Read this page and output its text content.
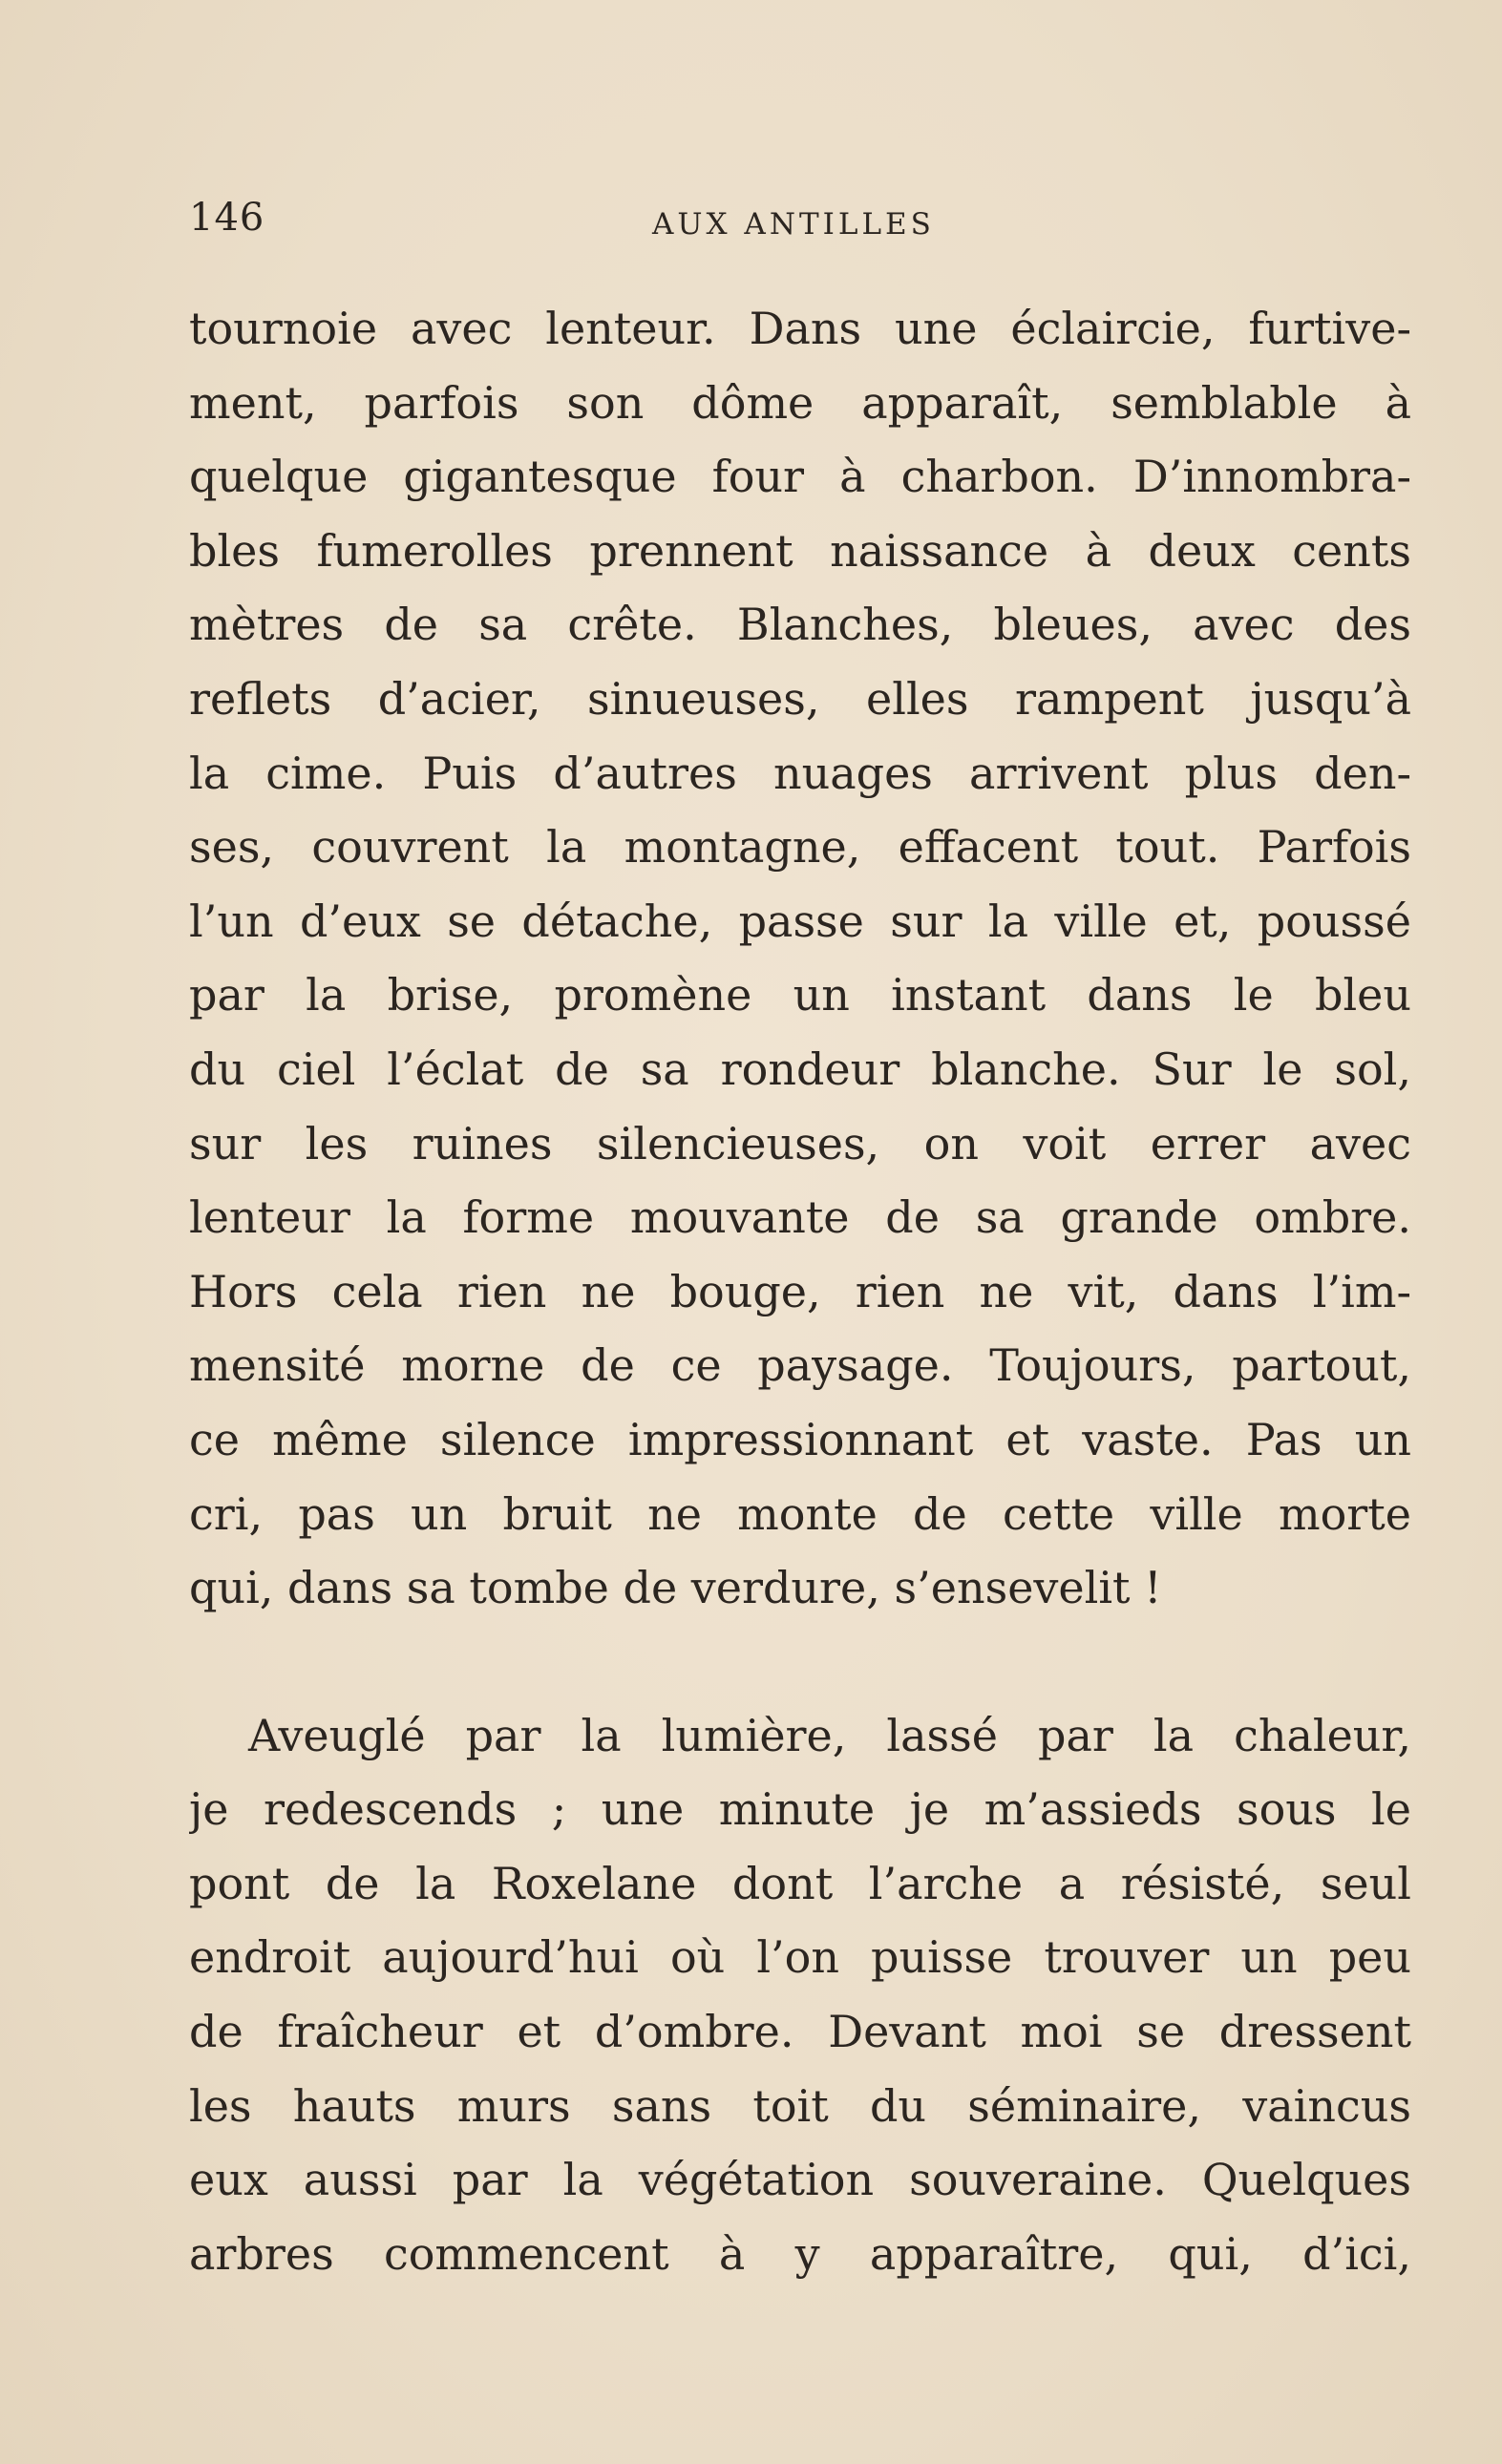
146	AUX ANTILLES
tournoie avec lenteur. Dans une éclaircie, furtive-
ment, parfois son dôme apparaît, semblable à
quelque gigantesque four à charbon. D’innombra-
bles fumerolles prennent naissance à deux cents
mètres de sa crête. Blanches, bleues, avec des
reflets d’acier, sinueuses, elles rampent jusqu’à
la cime. Puis d’autres nuages arrivent plus den-
ses, couvrent la montagne, effacent tout. Parfois
l’un d’eux se détache, passe sur la ville et, poussé
par la brise, promène un instant dans le bleu
du ciel l’éclat de sa rondeur blanche. Sur le sol,
sur les ruines silencieuses, on voit errer avec
lenteur la forme mouvante de sa grande ombre.
Hors cela rien ne bouge, rien ne vit, dans l’im-
mensité morne de ce paysage. Toujours, partout,
ce même silence impressionnant et vaste. Pas un
cri, pas un bruit ne monte de cette ville morte
qui, dans sa tombe de verdure, s’ensevelit !
Aveuglé par la lumière, lassé par la chaleur,
je redescends ; une minute je m’assieds sous le
pont de la Roxelane dont l’arche a résisté, seul
endroit aujourd’hui où l’on puisse trouver un peu
de fraîcheur et d’ombre. Devant moi se dressent
les hauts murs sans toit du séminaire, vaincus
eux aussi par la végétation souveraine. Quelques
arbres commencent à y apparaître, qui, d’ici,
